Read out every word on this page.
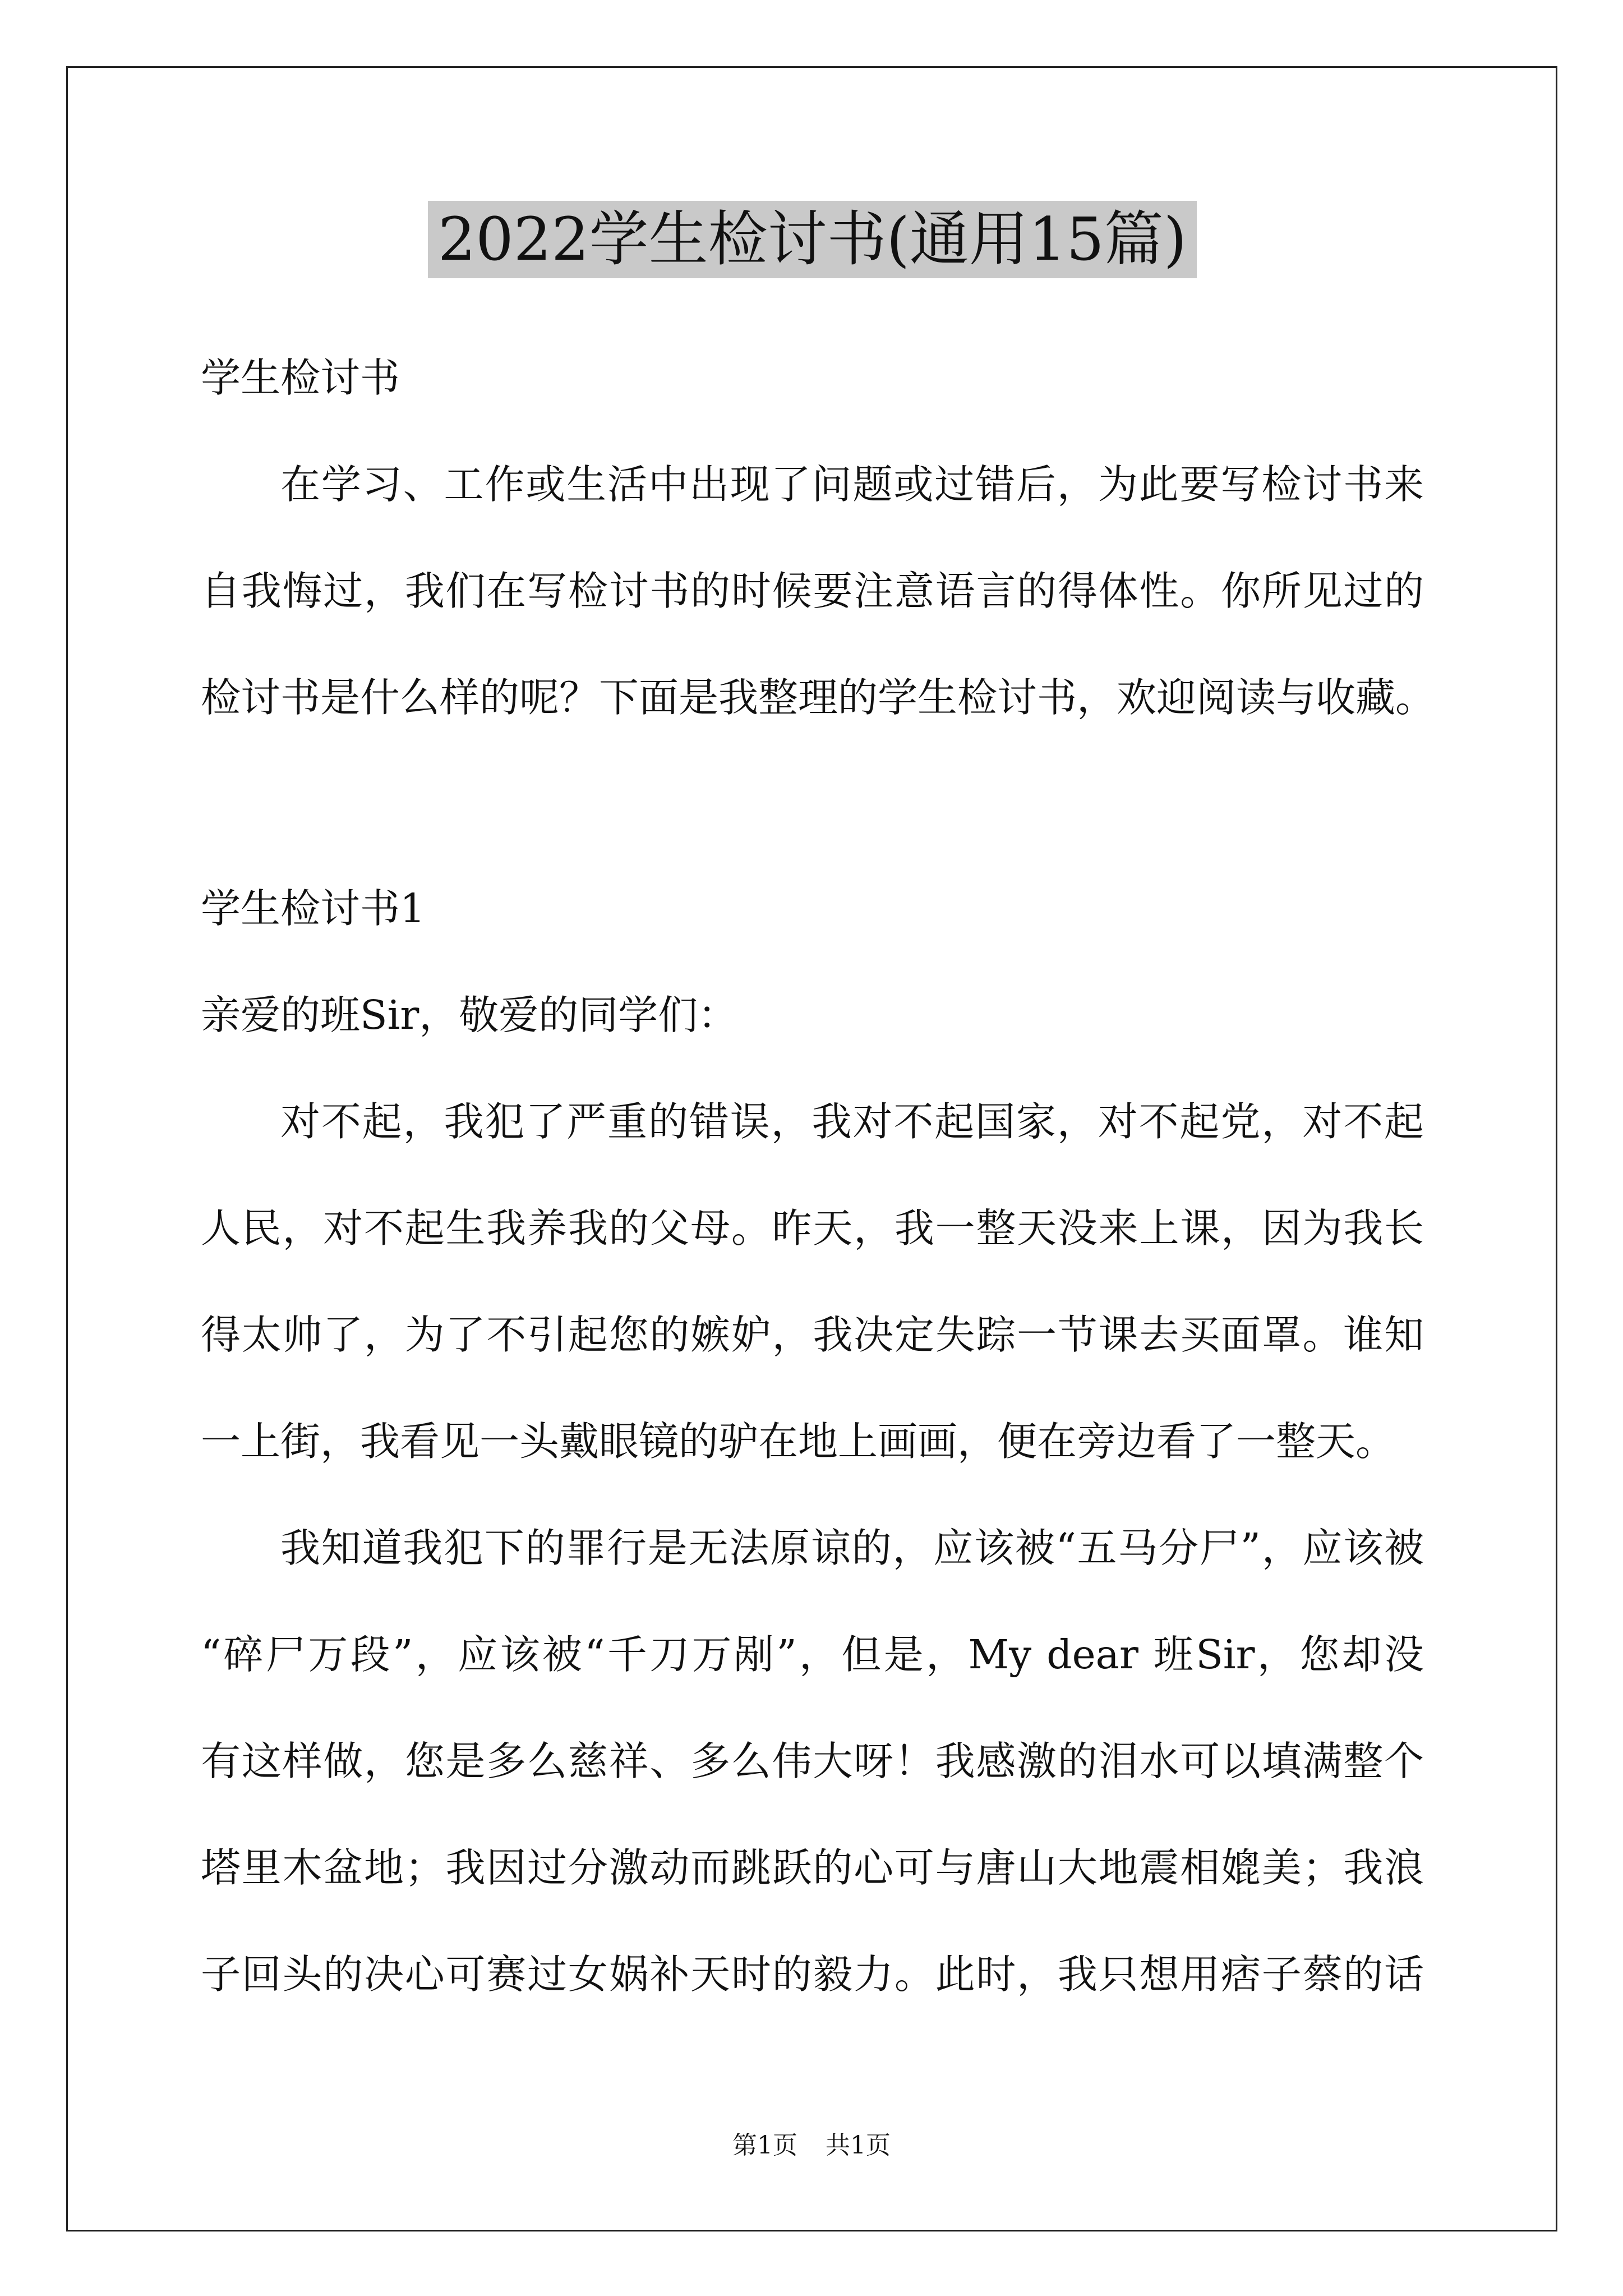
2022学生检讨书(通用15篇)
学生检讨书
在学习、工作或生活中出现了问题或过错后，为此要写检讨书来
自我悔过，我们在写检讨书的时候要注意语言的得体性。你所见过的
检讨书是什么样的呢？下面是我整理的学生检讨书，欢迎阅读与收藏。
学生检讨书1
亲爱的班Sir，敬爱的同学们：
对不起，我犯了严重的错误，我对不起国家，对不起党，对不起
人民，对不起生我养我的父母。昨天，我一整天没来上课，因为我长
得太帅了，为了不引起您的嫉妒，我决定失踪一节课去买面罩。谁知
一上街，我看见一头戴眼镜的驴在地上画画，便在旁边看了一整天。
我知道我犯下的罪行是无法原谅的，应该被“五马分尸”，应该被
“碎尸万段”，应该被“千刀万剐”，但是，My dear 班Sir，您却没
有这样做，您是多么慈祥、多么伟大呀！我感激的泪水可以填满整个
塔里木盆地；我因过分激动而跳跃的心可与唐山大地震相媲美；我浪
子回头的决心可赛过女娲补天时的毅力。此时，我只想用痞子蔡的话
第1页 共1页
